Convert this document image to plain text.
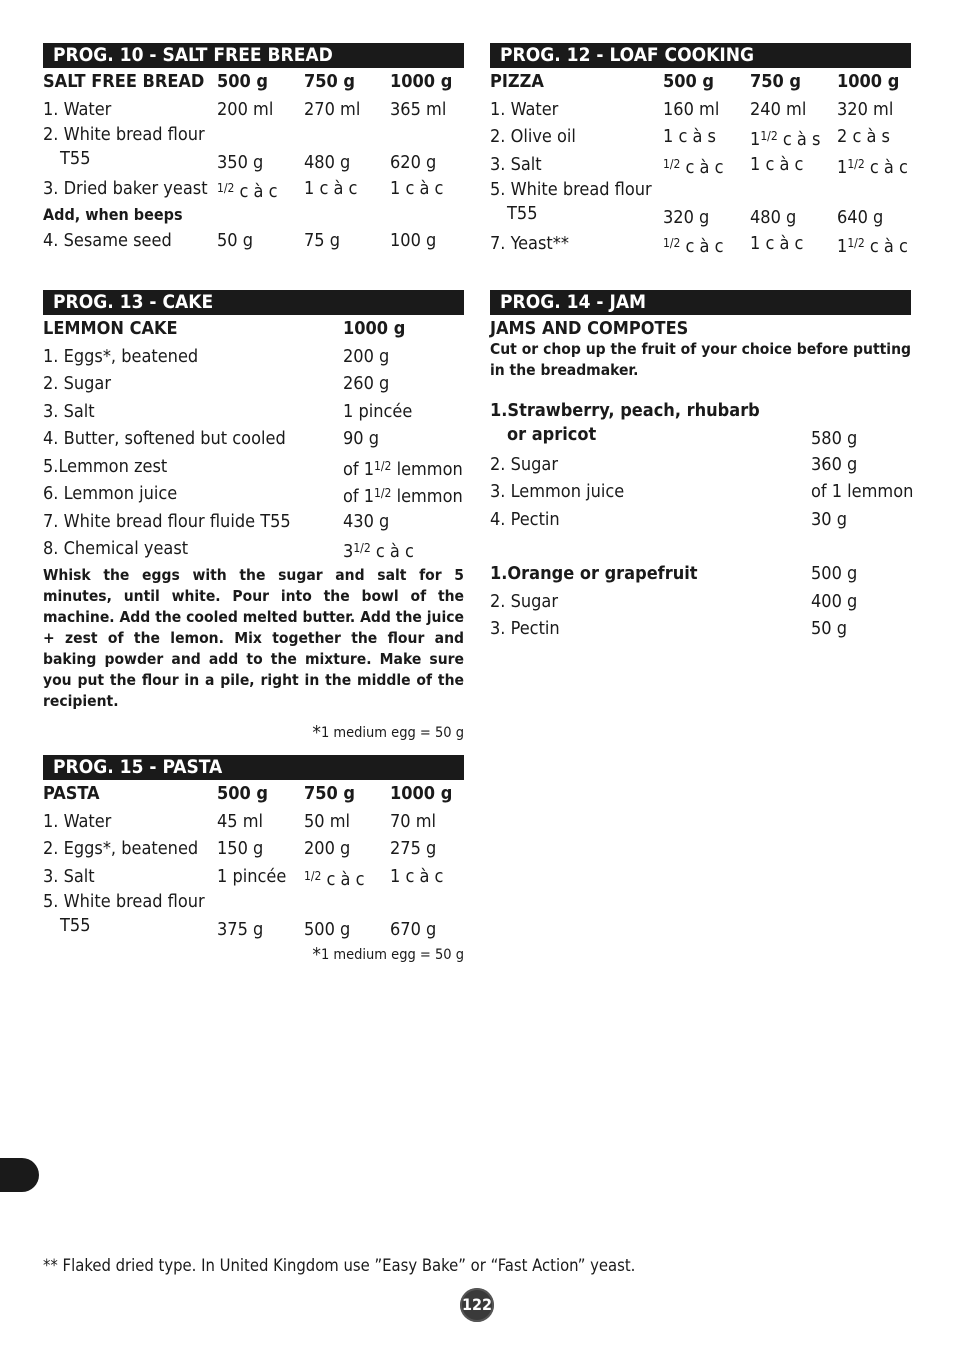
PROG. 10 - SALT FREE BREAD
SALT FREE BREAD 500 g 750 g 1000 g
1. Water	200 ml 270 ml 365 ml
2. White bread flour
T55	350 g 480 g 620 g
3. Dried baker yeast $^{1/2}$ c à c 1 c à c 1 c à c
Add, when beeps
4. Sesame seed	50 g	75 g	100 g
PROG. 12 - LOAF COOKING
PIZZA	500 g 750 g 1000 g
1. Water	160 ml 240 ml 320 ml
2. Olive oil	1 c à s $1^{1/2}$ c à s 2 c à s
3. Salt	$^{1/2}$ c à c 1 c à c $1^{1/2}$ c à c
5. White bread flour
T55	320 g 480 g 640 g
7. Yeast**	$^{1/2}$ c à c 1 c à c $1^{1/2}$ c à c
PROG. 13 - CAKE
LEMMON CAKE	1000 g
1. Eggs*, beatened	200 g
2. Sugar	260 g
3. Salt	1 pincée
4. Butter, softened but cooled	90 g
5.Lemmon zest	of $1^{1/2}$ lemmon
6. Lemmon juice	of $1^{1/2}$ lemmon
7. White bread flour fluide T55	430 g
8. Chemical yeast	$3^{1/2}$ c à c
Whisk the eggs with the sugar and salt for 5 minutes, until white. Pour into the bowl of the machine. Add the cooled melted butter. Add the juice + zest of the lemon. Mix together the flour and baking powder and add to the mixture. Make sure you put the flour in a pile, right in the middle of the recipient.
*1 medium egg = 50 g
PROG. 14 - JAM
JAMS AND COMPOTES
Cut or chop up the fruit of your choice before putting in the breadmaker.
1.Strawberry, peach, rhubarb
or apricot	580 g
2. Sugar	360 g
3. Lemmon juice	of 1 lemmon
4. Pectin	30 g
1.Orange or grapefruit	500 g
2. Sugar	400 g
3. Pectin	50 g
PROG. 15 - PASTA
PASTA	500 g 750 g 1000 g
1. Water	45 ml 50 ml 70 ml
2. Eggs*, beatened 150 g 200 g 275 g
3. Salt	1 pincée $^{1/2}$ c à c 1 c à c
5. White bread flour
T55	375 g 500 g 670 g
*1 medium egg = 50 g
** Flaked dried type. In United Kingdom use ”Easy Bake” or “Fast Action” yeast.
122
